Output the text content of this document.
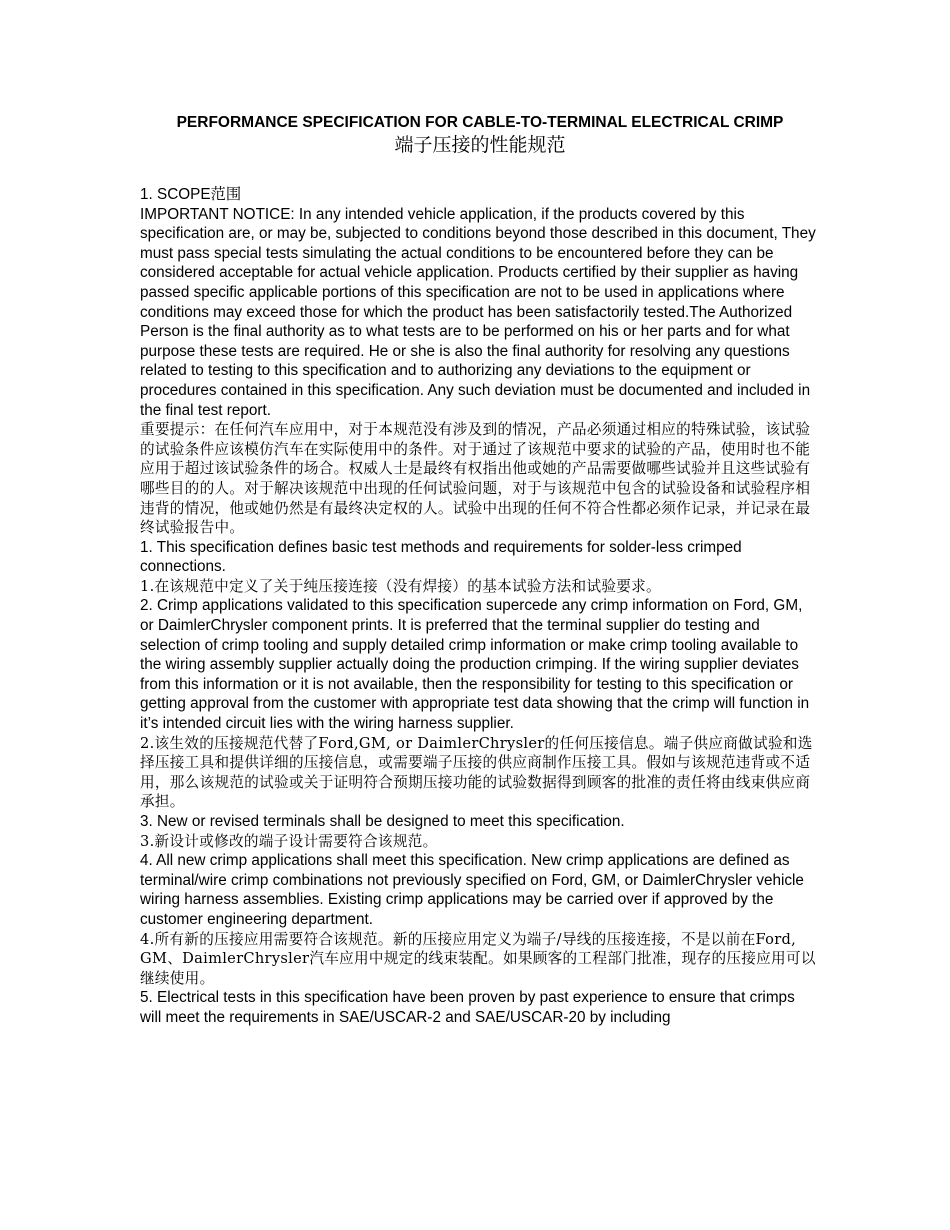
PERFORMANCE SPECIFICATION FOR CABLE-TO-TERMINAL ELECTRICAL CRIMP
端子压接的性能规范

1. SCOPE范围

IMPORTANT NOTICE: In any intended vehicle application, if the products covered by this specification are, or may be, subjected to conditions beyond those described in this document, They must pass special tests simulating the actual conditions to be encountered before they can be considered acceptable for actual vehicle application. Products certified by their supplier as having passed specific applicable portions of this specification are not to be used in applications where conditions may exceed those for which the product has been satisfactorily tested.The Authorized Person is the final authority as to what tests are to be performed on his or her parts and for what purpose these tests are required. He or she is also the final authority for resolving any questions related to testing to this specification and to authorizing any deviations to the equipment or procedures contained in this specification. Any such deviation must be documented and included in the final test report.

重要提示：在任何汽车应用中，对于本规范没有涉及到的情况，产品必须通过相应的特殊试验，该试验的试验条件应该模仿汽车在实际使用中的条件。对于通过了该规范中要求的试验的产品，使用时也不能应用于超过该试验条件的场合。权威人士是最终有权指出他或她的产品需要做哪些试验并且这些试验有哪些目的的人。对于解决该规范中出现的任何试验问题，对于与该规范中包含的试验设备和试验程序相违背的情况，他或她仍然是有最终决定权的人。试验中出现的任何不符合性都必须作记录，并记录在最终试验报告中。

1. This specification defines basic test methods and requirements for solder-less crimped connections.

1.在该规范中定义了关于纯压接连接（没有焊接）的基本试验方法和试验要求。

2. Crimp applications validated to this specification supercede any crimp information on Ford, GM, or DaimlerChrysler component prints. It is preferred that the terminal supplier do testing and selection of crimp tooling and supply detailed crimp information or make crimp tooling available to the wiring assembly supplier actually doing the production crimping. If the wiring supplier deviates from this information or it is not available, then the responsibility for testing to this specification or getting approval from the customer with appropriate test data showing that the crimp will function in it’s intended circuit lies with the wiring harness supplier.

2.该生效的压接规范代替了Ford,GM, or DaimlerChrysler的任何压接信息。端子供应商做试验和选择压接工具和提供详细的压接信息，或需要端子压接的供应商制作压接工具。假如与该规范违背或不适用，那么该规范的试验或关于证明符合预期压接功能的试验数据得到顾客的批准的责任将由线束供应商承担。

3. New or revised terminals shall be designed to meet this specification.

3.新设计或修改的端子设计需要符合该规范。

4. All new crimp applications shall meet this specification. New crimp applications are defined as terminal/wire crimp combinations not previously specified on Ford, GM, or DaimlerChrysler vehicle wiring harness assemblies. Existing crimp applications may be carried over if approved by the customer engineering department.

4.所有新的压接应用需要符合该规范。新的压接应用定义为端子/导线的压接连接，不是以前在Ford, GM、DaimlerChrysler汽车应用中规定的线束装配。如果顾客的工程部门批准，现存的压接应用可以继续使用。

5. Electrical tests in this specification have been proven by past experience to ensure that crimps will meet the requirements in SAE/USCAR-2 and SAE/USCAR-20 by including
